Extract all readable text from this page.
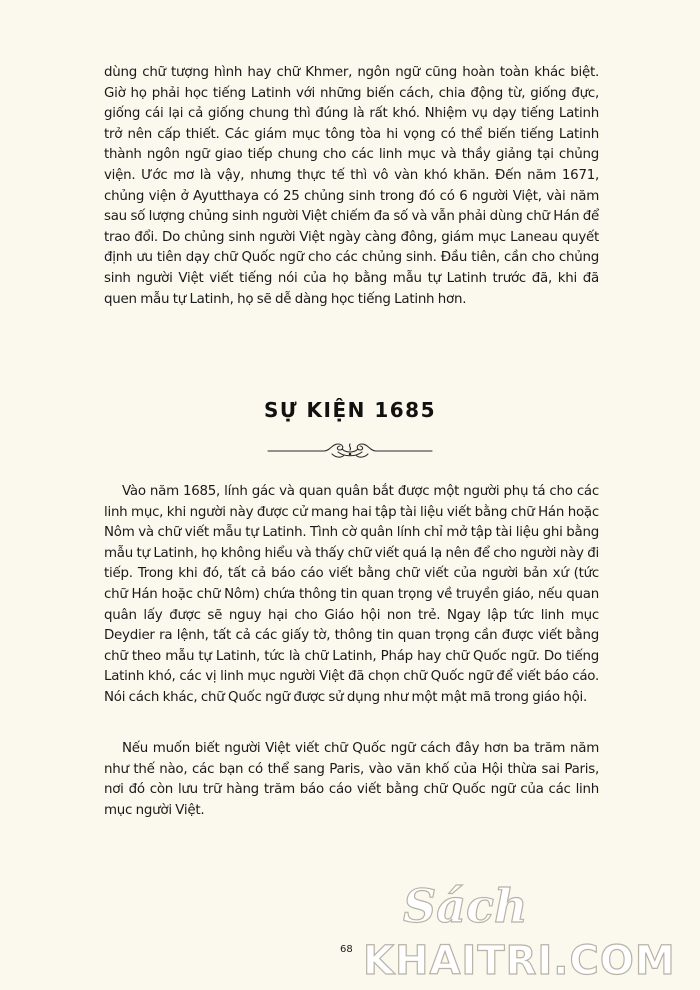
dùng chữ tượng hình hay chữ Khmer, ngôn ngữ cũng hoàn toàn khác biệt. Giờ họ phải học tiếng Latinh với những biến cách, chia động từ, giống đực, giống cái lại cả giống chung thì đúng là rất khó. Nhiệm vụ dạy tiếng Latinh trở nên cấp thiết. Các giám mục tông tòa hi vọng có thể biến tiếng Latinh thành ngôn ngữ giao tiếp chung cho các linh mục và thầy giảng tại chủng viện. Ước mơ là vậy, nhưng thực tế thì vô vàn khó khăn. Đến năm 1671, chủng viện ở Ayutthaya có 25 chủng sinh trong đó có 6 người Việt, vài năm sau số lượng chủng sinh người Việt chiếm đa số và vẫn phải dùng chữ Hán để trao đổi. Do chủng sinh người Việt ngày càng đông, giám mục Laneau quyết định ưu tiên dạy chữ Quốc ngữ cho các chủng sinh. Đầu tiên, cần cho chủng sinh người Việt viết tiếng nói của họ bằng mẫu tự Latinh trước đã, khi đã quen mẫu tự Latinh, họ sẽ dễ dàng học tiếng Latinh hơn.

SỰ KIỆN 1685

Vào năm 1685, lính gác và quan quân bắt được một người phụ tá cho các linh mục, khi người này được cử mang hai tập tài liệu viết bằng chữ Hán hoặc Nôm và chữ viết mẫu tự Latinh. Tình cờ quân lính chỉ mở tập tài liệu ghi bằng mẫu tự Latinh, họ không hiểu và thấy chữ viết quá lạ nên để cho người này đi tiếp. Trong khi đó, tất cả báo cáo viết bằng chữ viết của người bản xứ (tức chữ Hán hoặc chữ Nôm) chứa thông tin quan trọng về truyền giáo, nếu quan quân lấy được sẽ nguy hại cho Giáo hội non trẻ. Ngay lập tức linh mục Deydier ra lệnh, tất cả các giấy tờ, thông tin quan trọng cần được viết bằng chữ theo mẫu tự Latinh, tức là chữ Latinh, Pháp hay chữ Quốc ngữ. Do tiếng Latinh khó, các vị linh mục người Việt đã chọn chữ Quốc ngữ để viết báo cáo. Nói cách khác, chữ Quốc ngữ được sử dụng như một mật mã trong giáo hội.

Nếu muốn biết người Việt viết chữ Quốc ngữ cách đây hơn ba trăm năm như thế nào, các bạn có thể sang Paris, vào văn khố của Hội thừa sai Paris, nơi đó còn lưu trữ hàng trăm báo cáo viết bằng chữ Quốc ngữ của các linh mục người Việt.

68
Sách
KHAITRI.COM
